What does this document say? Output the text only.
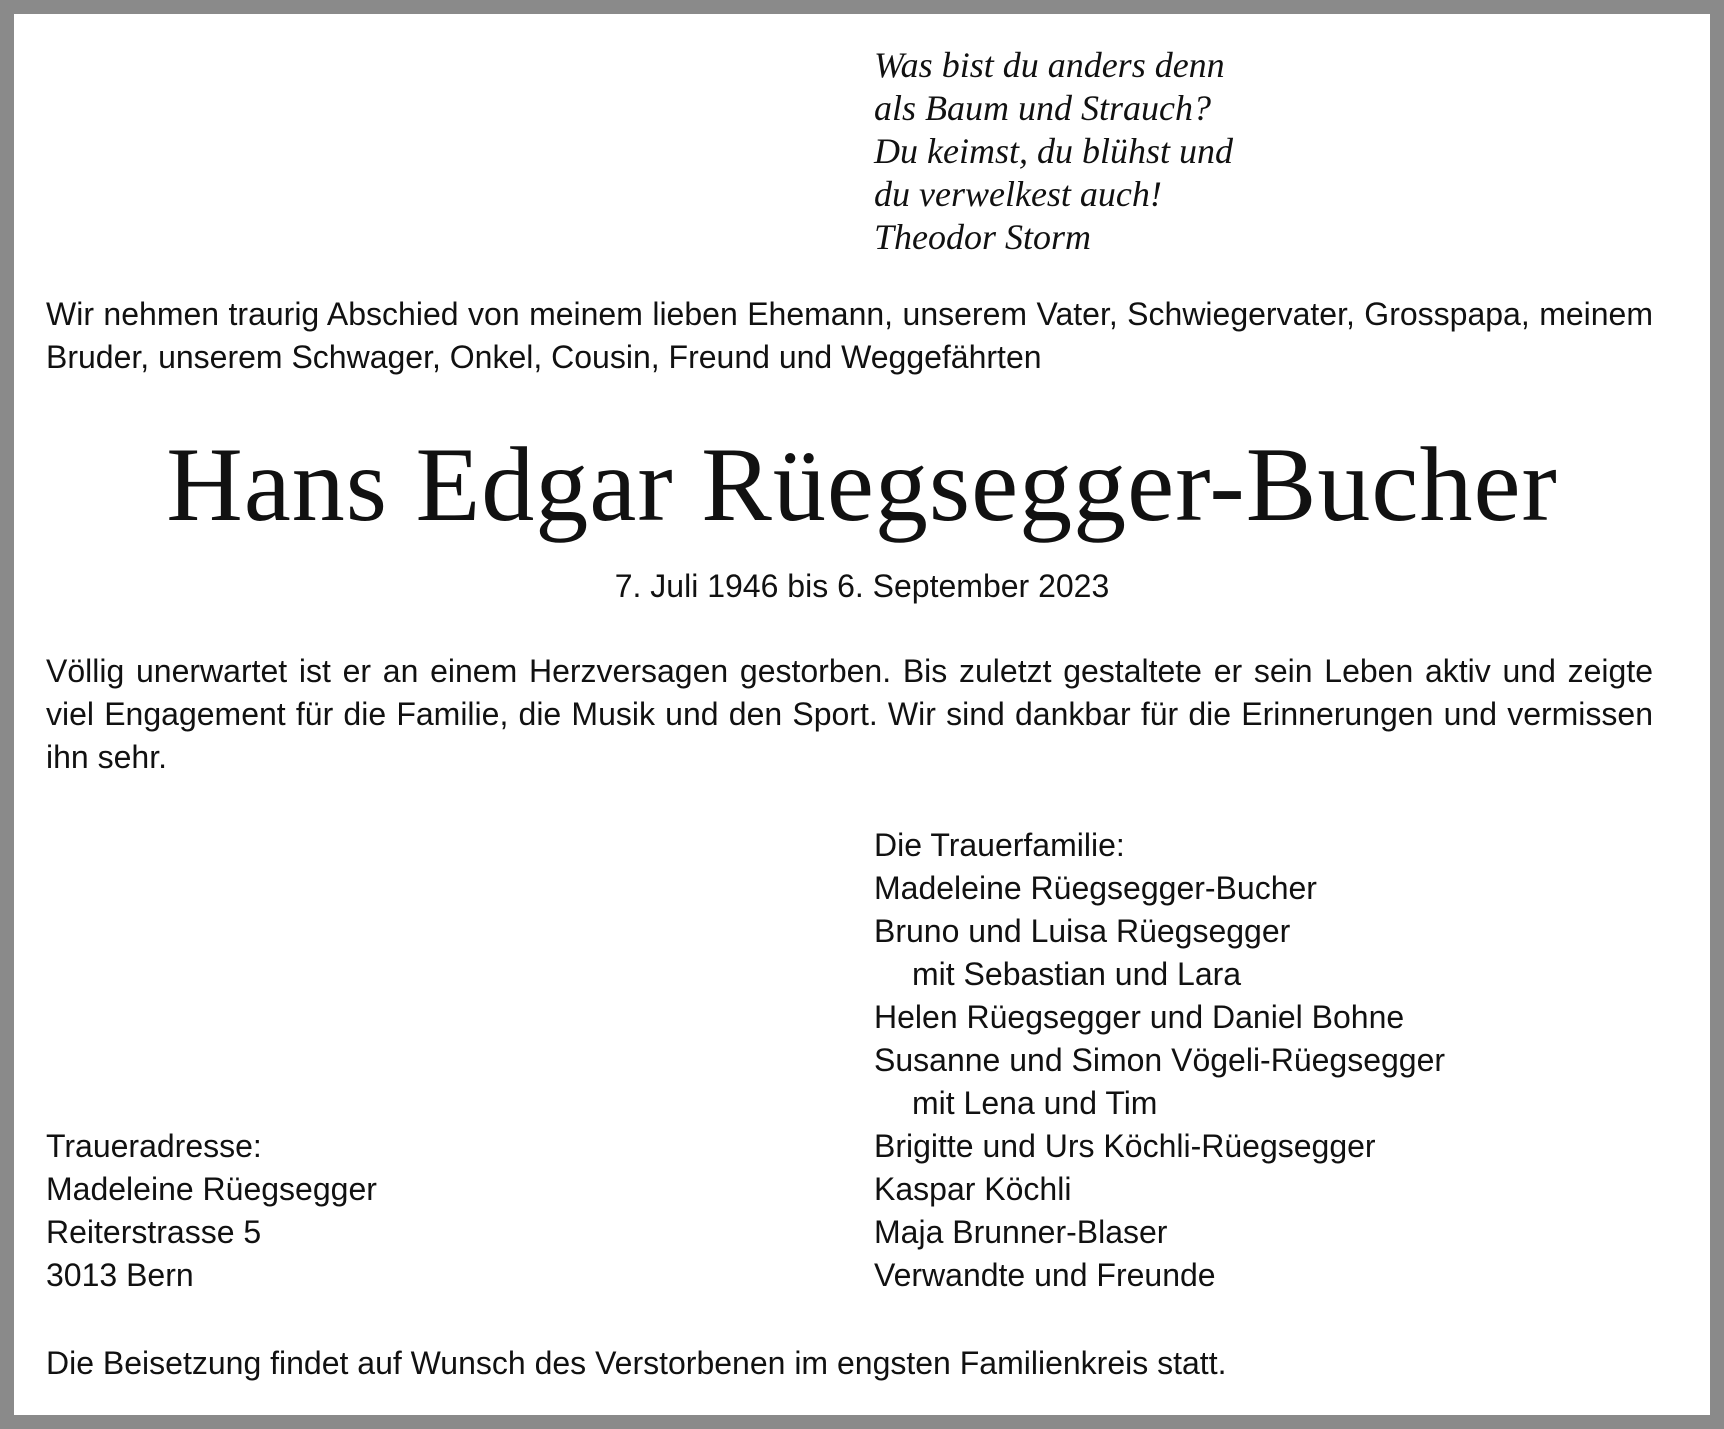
Was bist du anders denn
als Baum und Strauch?
Du keimst, du blühst und
du verwelkest auch!
Theodor Storm
Wir nehmen traurig Abschied von meinem lieben Ehemann, unserem Vater, Schwiegervater, Grosspapa, meinem Bruder, unserem Schwager, Onkel, Cousin, Freund und Weggefährten
Hans Edgar Rüegsegger-Bucher
7. Juli 1946 bis 6. September 2023
Völlig unerwartet ist er an einem Herzversagen gestorben. Bis zuletzt gestaltete er sein Leben aktiv und zeigte viel Engagement für die Familie, die Musik und den Sport. Wir sind dankbar für die Erinnerungen und vermissen ihn sehr.
Die Trauerfamilie:
Madeleine Rüegsegger-Bucher
Bruno und Luisa Rüegsegger
mit Sebastian und Lara
Helen Rüegsegger und Daniel Bohne
Susanne und Simon Vögeli-Rüegsegger
mit Lena und Tim
Brigitte und Urs Köchli-Rüegsegger
Kaspar Köchli
Maja Brunner-Blaser
Verwandte und Freunde
Traueradresse:
Madeleine Rüegsegger
Reiterstrasse 5
3013 Bern
Die Beisetzung findet auf Wunsch des Verstorbenen im engsten Familienkreis statt.
